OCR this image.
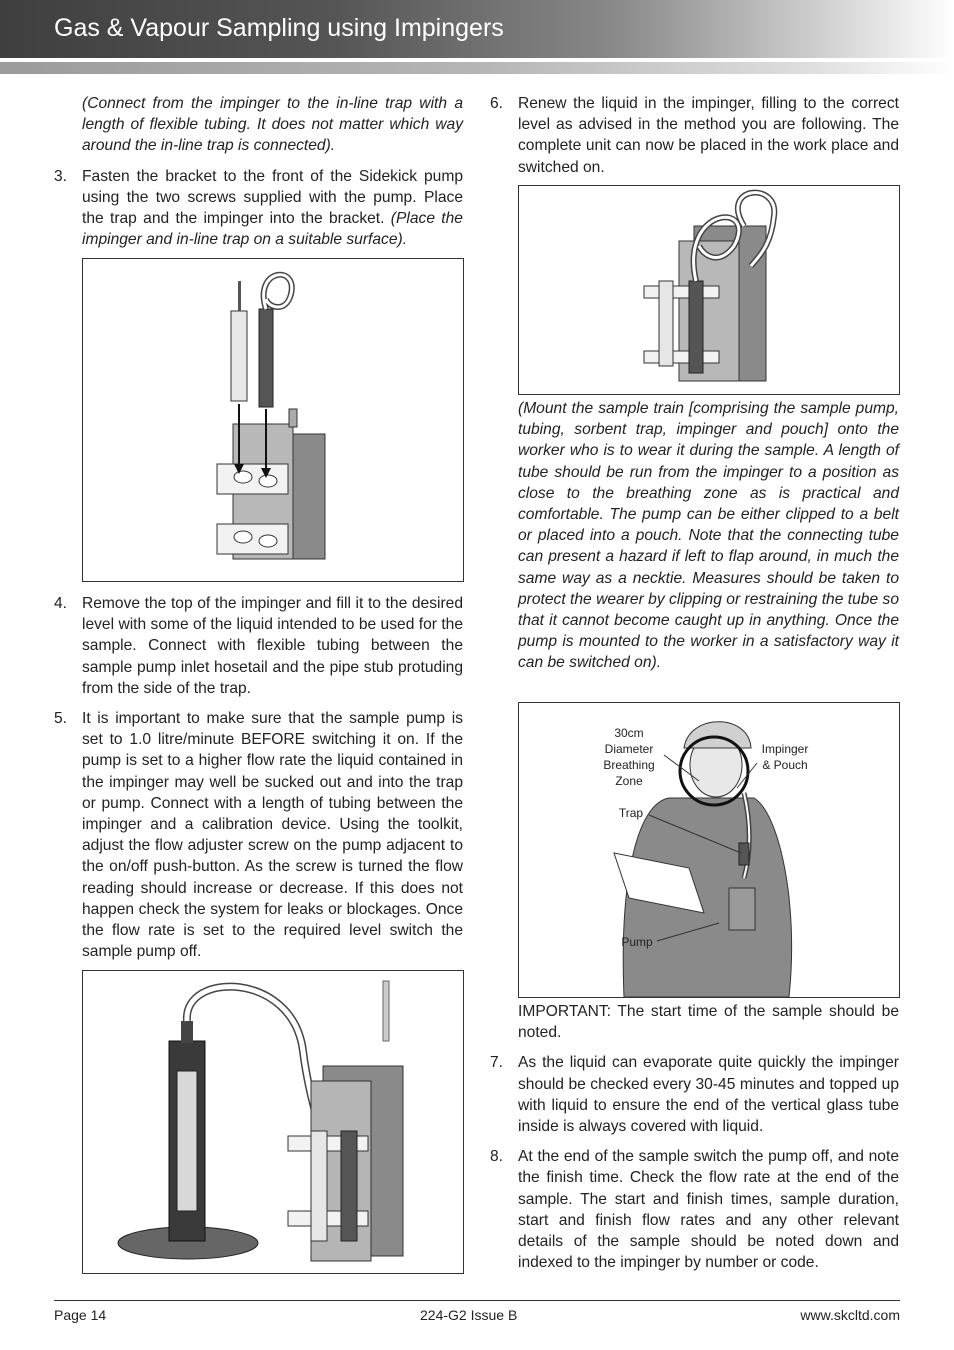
Gas & Vapour Sampling using Impingers

(Connect from the impinger to the in-line trap with a length of flexible tubing. It does not matter which way around the in-line trap is connected).

3. Fasten the bracket to the front of the Sidekick pump using the two screws supplied with the pump. Place the trap and the impinger into the bracket. (Place the impinger and in-line trap on a suitable surface).
4. Remove the top of the impinger and fill it to the desired level with some of the liquid intended to be used for the sample. Connect with flexible tubing between the sample pump inlet hosetail and the pipe stub protuding from the side of the trap.
5. It is important to make sure that the sample pump is set to 1.0 litre/minute BEFORE switching it on. If the pump is set to a higher flow rate the liquid contained in the impinger may well be sucked out and into the trap or pump. Connect with a length of tubing between the impinger and a calibration device. Using the toolkit, adjust the flow adjuster screw on the pump adjacent to the on/off push-button. As the screw is turned the flow reading should increase or decrease. If this does not happen check the system for leaks or blockages. Once the flow rate is set to the required level switch the sample pump off.
6. Renew the liquid in the impinger, filling to the correct level as advised in the method you are following. The complete unit can now be placed in the work place and switched on.

(Mount the sample train [comprising the sample pump, tubing, sorbent trap, impinger and pouch] onto the worker who is to wear it during the sample. A length of tube should be run from the impinger to a position as close to the breathing zone as is practical and comfortable. The pump can be either clipped to a belt or placed into a pouch. Note that the connecting tube can present a hazard if left to flap around, in much the same way as a necktie. Measures should be taken to protect the wearer by clipping or restraining the tube so that it cannot become caught up in anything. Once the pump is mounted to the worker in a satisfactory way it can be switched on).

30cm
Diameter
Breathing
Zone
Impinger
& Pouch
Trap
Pump

IMPORTANT: The start time of the sample should be noted.

7. As the liquid can evaporate quite quickly the impinger should be checked every 30-45 minutes and topped up with liquid to ensure the end of the vertical glass tube inside is always covered with liquid.
8. At the end of the sample switch the pump off, and note the finish time. Check the flow rate at the end of the sample. The start and finish times, sample duration, start and finish flow rates and any other relevant details of the sample should be noted down and indexed to the impinger by number or code.
Page 14	224-G2 Issue B	www.skcltd.com
